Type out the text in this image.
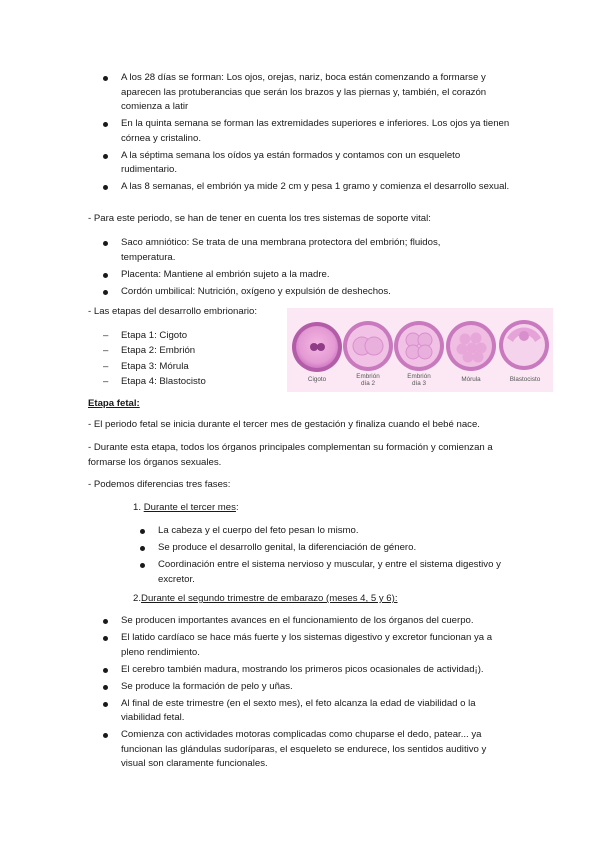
A los 28 días se forman: Los ojos, orejas, nariz, boca están comenzando a formarse y aparecen las protuberancias que serán los brazos y las piernas y, también, el corazón comienza a latir
En la quinta semana se forman las extremidades superiores e inferiores. Los ojos ya tienen córnea y cristalino.
A la séptima semana los oídos ya están formados y contamos con un esqueleto rudimentario.
A las 8 semanas, el embrión ya mide 2 cm y pesa 1 gramo y comienza el desarrollo sexual.

- Para este periodo, se han de tener en cuenta los tres sistemas de soporte vital:

Saco amniótico: Se trata de una membrana protectora del embrión; fluidos, temperatura.
Placenta: Mantiene al embrión sujeto a la madre.
Cordón umbilical: Nutrición, oxígeno y expulsión de deshechos.

- Las etapas del desarrollo embrionario:

– Etapa 1: Cigoto
– Etapa 2: Embrión
– Etapa 3: Mórula
– Etapa 4: Blastocisto	Cigoto	Embrión
día 2
Embrión
día 3
Mórula	Blastocisto
Etapa fetal:

- El periodo fetal se inicia durante el tercer mes de gestación y finaliza cuando el bebé nace.

- Durante esta etapa, todos los órganos principales complementan su formación y comienzan a formarse los órganos sexuales.

- Podemos diferencias tres fases:

1. Durante el tercer mes:
La cabeza y el cuerpo del feto pesan lo mismo.
Se produce el desarrollo genital, la diferenciación de género.
Coordinación entre el sistema nervioso y muscular, y entre el sistema digestivo y excretor.
2.Durante el segundo trimestre de embarazo (meses 4, 5 y 6):
Se producen importantes avances en el funcionamiento de los órganos del cuerpo.
El latido cardíaco se hace más fuerte y los sistemas digestivo y excretor funcionan ya a pleno rendimiento.
El cerebro también madura, mostrando los primeros picos ocasionales de actividad¡).
Se produce la formación de pelo y uñas.
Al final de este trimestre (en el sexto mes), el feto alcanza la edad de viabilidad o la viabilidad fetal.
Comienza con actividades motoras complicadas como chuparse el dedo, patear... ya funcionan las glándulas sudoríparas, el esqueleto se endurece, los sentidos auditivo y visual son claramente funcionales.
